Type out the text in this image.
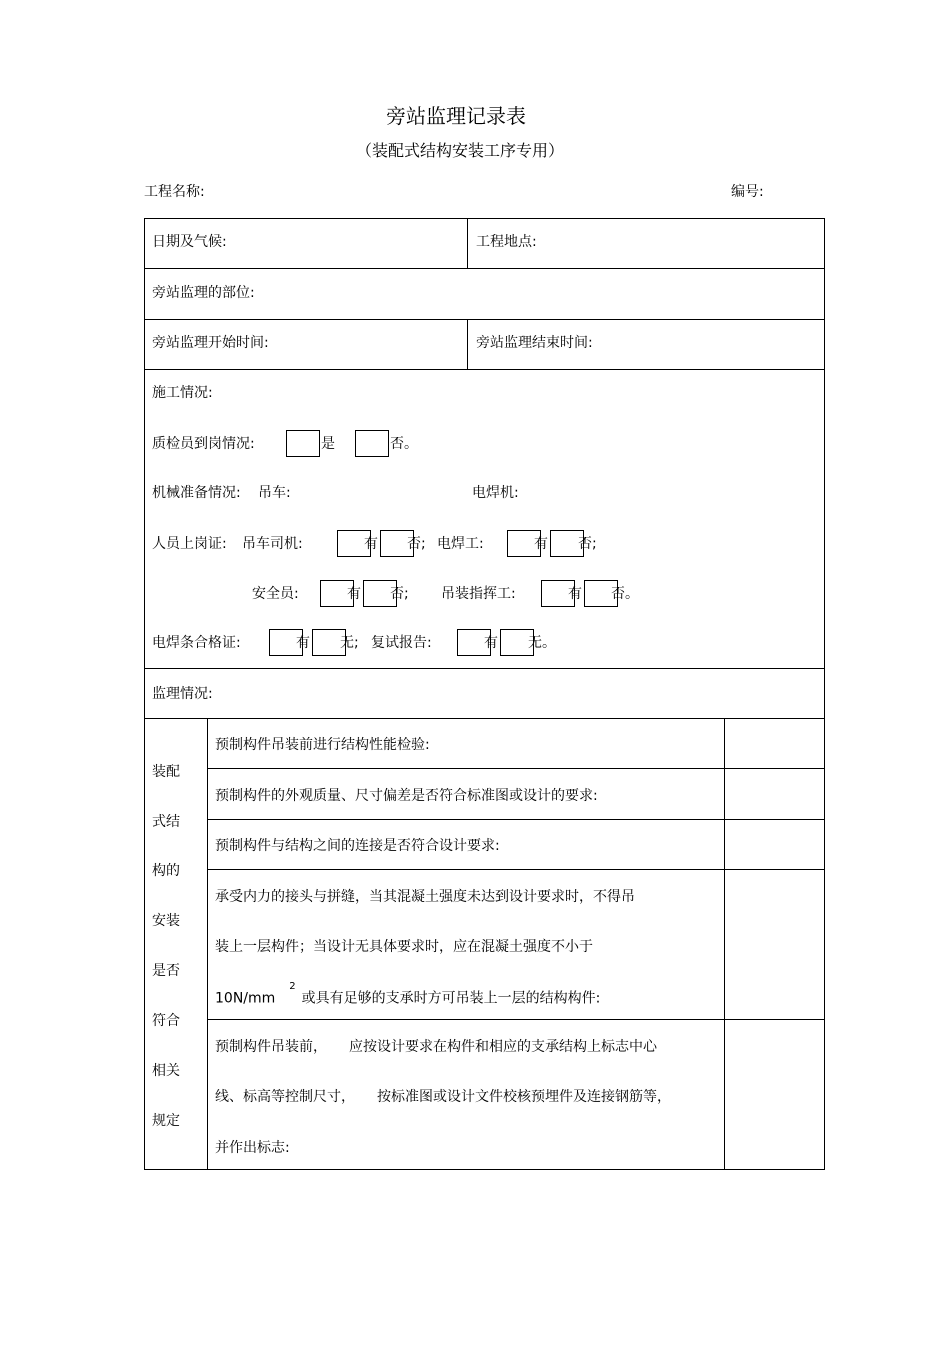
旁站监理记录表
（装配式结构安装工序专用）
工程名称:	编号:
日期及气候:	工程地点:
旁站监理的部位:
旁站监理开始时间:	旁站监理结束时间:
施工情况:
质检员到岗情况:	是	否。
机械准备情况: 吊车:	电焊机:
人员上岗证: 吊车司机:	有 否; 电焊工:	有 否;
安全员:	有 否; 吊装指挥工:	有 否。
电焊条合格证:	有 无; 复试报告:	有 无。
监理情况:
装配
式结
构的
安装
是否
符合
相关
规定
预制构件吊装前进行结构性能检验:
预制构件的外观质量、尺寸偏差是否符合标准图或设计的要求:
预制构件与结构之间的连接是否符合设计要求:
承受内力的接头与拼缝，当其混凝土强度未达到设计要求时，不得吊
装上一层构件；当设计无具体要求时，应在混凝土强度不小于
$10N/mm^2$或具有足够的支承时方可吊装上一层的结构构件:
预制构件吊装前， 应按设计要求在构件和相应的支承结构上标志中心
线、标高等控制尺寸， 按标准图或设计文件校核预埋件及连接钢筋等，
并作出标志:
